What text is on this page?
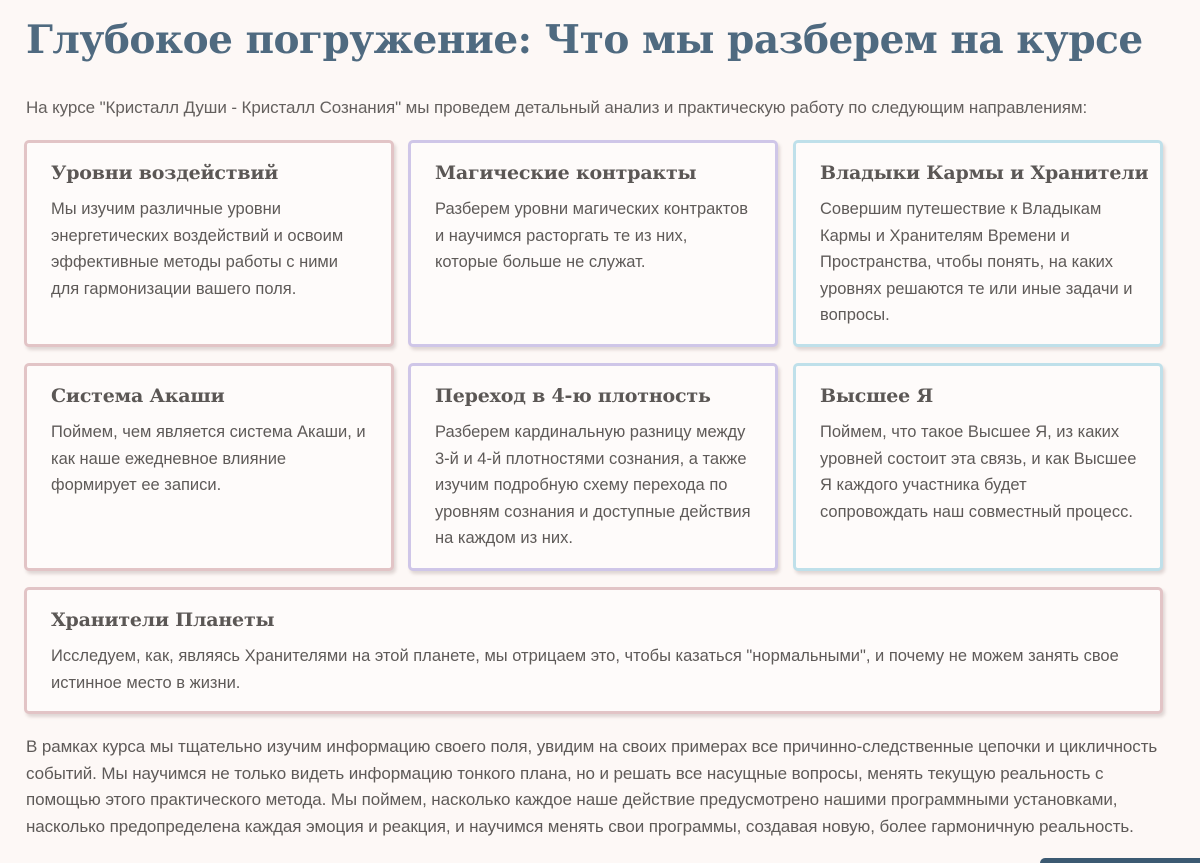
Глубокое погружение: Что мы разберем на курсе

На курсе "Кристалл Души - Кристалл Сознания" мы проведем детальный анализ и практическую работу по следующим направлениям:

Уровни воздействий

Мы изучим различные уровни энергетических воздействий и освоим эффективные методы работы с ними для гармонизации вашего поля.

Магические контракты

Разберем уровни магических контрактов и научимся расторгать те из них, которые больше не служат.

Владыки Кармы и Хранители

Совершим путешествие к Владыкам Кармы и Хранителям Времени и Пространства, чтобы понять, на каких уровнях решаются те или иные задачи и вопросы.

Система Акаши

Поймем, чем является система Акаши, и как наше ежедневное влияние формирует ее записи.

Переход в 4-ю плотность

Разберем кардинальную разницу между 3-й и 4-й плотностями сознания, а также изучим подробную схему перехода по уровням сознания и доступные действия на каждом из них.

Высшее Я

Поймем, что такое Высшее Я, из каких уровней состоит эта связь, и как Высшее Я каждого участника будет сопровождать наш совместный процесс.

Хранители Планеты

Исследуем, как, являясь Хранителями на этой планете, мы отрицаем это, чтобы казаться "нормальными", и почему не можем занять свое истинное место в жизни.

В рамках курса мы тщательно изучим информацию своего поля, увидим на своих примерах все причинно-следственные цепочки и цикличность событий. Мы научимся не только видеть информацию тонкого плана, но и решать все насущные вопросы, менять текущую реальность с помощью этого практического метода. Мы поймем, насколько каждое наше действие предусмотрено нашими программными установками, насколько предопределена каждая эмоция и реакция, и научимся менять свои программы, создавая новую, более гармоничную реальность.
